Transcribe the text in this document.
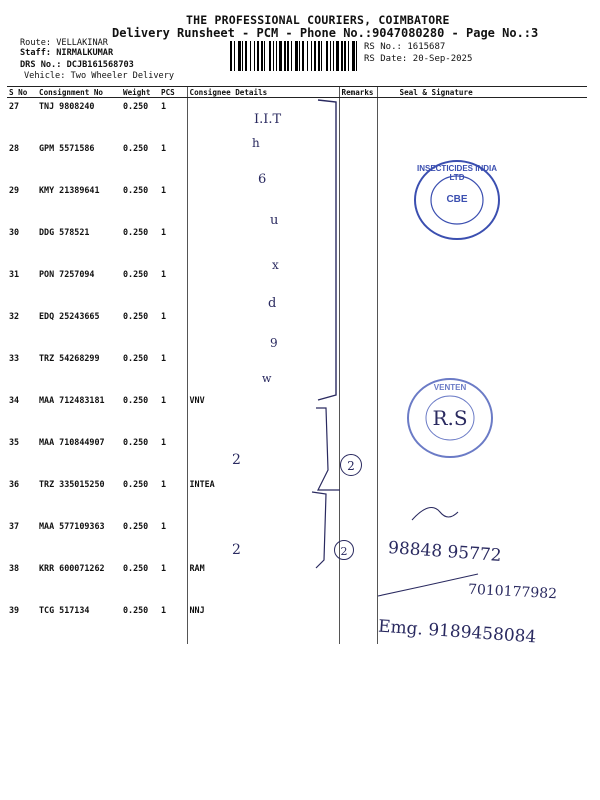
THE PROFESSIONAL COURIERS, COIMBATORE
Delivery Runsheet - PCM - Phone No.:9047080280 - Page No.:3
Route: VELLAKINAR
Staff: NIRMALKUMAR
DRS No.: DCJB161568703
Vehicle: Two Wheeler Delivery
RS No.: 1615687
RS Date: 20-Sep-2025
S No	Consignment No	Weight	PCS	Consignee Details	Remarks	Seal & Signature
27	TNJ 9808240	0.250	1			
28	GPM 5571586	0.250	1			
29	KMY 21389641	0.250	1			
30	DDG 578521	0.250	1			
31	PON 7257094	0.250	1			
32	EDQ 25243665	0.250	1			
33	TRZ 54268299	0.250	1			
34	MAA 712483181	0.250	1	VNV		
35	MAA 710844907	0.250	1			
36	TRZ 335015250	0.250	1	INTEA		
37	MAA 577109363	0.250	1			
38	KRR 600071262	0.250	1	RAM		
39	TCG 517134	0.250	1	NNJ		
I.I.T
h
6
u
x
d
9
w
2
2
2
2	98848 95772
7010177982
Emg. 9189458084
INSECTICIDES INDIA LTD
CBE
VENTEN
R.S
